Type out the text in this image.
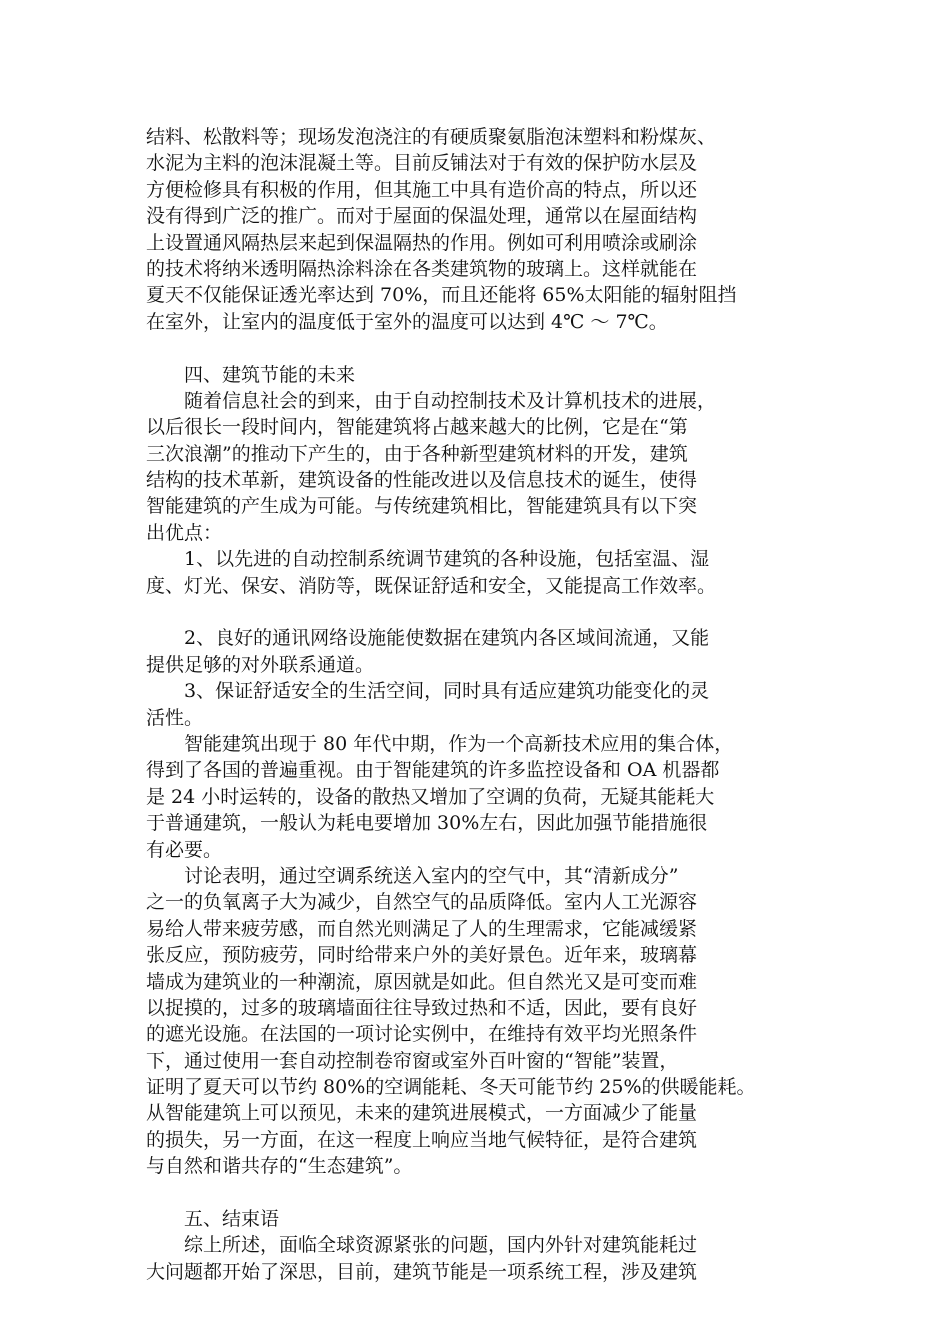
结料、松散料等；现场发泡浇注的有硬质聚氨脂泡沫塑料和粉煤灰、
水泥为主料的泡沫混凝土等。目前反铺法对于有效的保护防水层及
方便检修具有积极的作用，但其施工中具有造价高的特点，所以还
没有得到广泛的推广。而对于屋面的保温处理，通常以在屋面结构
上设置通风隔热层来起到保温隔热的作用。例如可利用喷涂或刷涂
的技术将纳米透明隔热涂料涂在各类建筑物的玻璃上。这样就能在
夏天不仅能保证透光率达到 70%，而且还能将 65%太阳能的辐射阻挡
在室外，让室内的温度低于室外的温度可以达到 4℃ ～ 7℃。
　　四、建筑节能的未来
　　随着信息社会的到来，由于自动控制技术及计算机技术的进展，
以后很长一段时间内，智能建筑将占越来越大的比例，它是在“第
三次浪潮”的推动下产生的，由于各种新型建筑材料的开发，建筑
结构的技术革新，建筑设备的性能改进以及信息技术的诞生，使得
智能建筑的产生成为可能。与传统建筑相比，智能建筑具有以下突
出优点：
　　1、以先进的自动控制系统调节建筑的各种设施，包括室温、湿
度、灯光、保安、消防等，既保证舒适和安全，又能提高工作效率。
　　2、良好的通讯网络设施能使数据在建筑内各区域间流通，又能
提供足够的对外联系通道。
　　3、保证舒适安全的生活空间，同时具有适应建筑功能变化的灵
活性。
　　智能建筑出现于 80 年代中期，作为一个高新技术应用的集合体，
得到了各国的普遍重视。由于智能建筑的许多监控设备和 OA 机器都
是 24 小时运转的，设备的散热又增加了空调的负荷，无疑其能耗大
于普通建筑，一般认为耗电要增加 30%左右，因此加强节能措施很
有必要。
　　讨论表明，通过空调系统送入室内的空气中，其“清新成分”
之一的负氧离子大为减少，自然空气的品质降低。室内人工光源容
易给人带来疲劳感，而自然光则满足了人的生理需求，它能减缓紧
张反应，预防疲劳，同时给带来户外的美好景色。近年来，玻璃幕
墙成为建筑业的一种潮流，原因就是如此。但自然光又是可变而难
以捉摸的，过多的玻璃墙面往往导致过热和不适，因此，要有良好
的遮光设施。在法国的一项讨论实例中，在维持有效平均光照条件
下，通过使用一套自动控制卷帘窗或室外百叶窗的“智能”装置，
证明了夏天可以节约 80%的空调能耗、冬天可能节约 25%的供暖能耗。
从智能建筑上可以预见，未来的建筑进展模式，一方面减少了能量
的损失，另一方面，在这一程度上响应当地气候特征，是符合建筑
与自然和谐共存的“生态建筑”。
　　五、结束语
　　综上所述，面临全球资源紧张的问题，国内外针对建筑能耗过
大问题都开始了深思，目前，建筑节能是一项系统工程，涉及建筑
